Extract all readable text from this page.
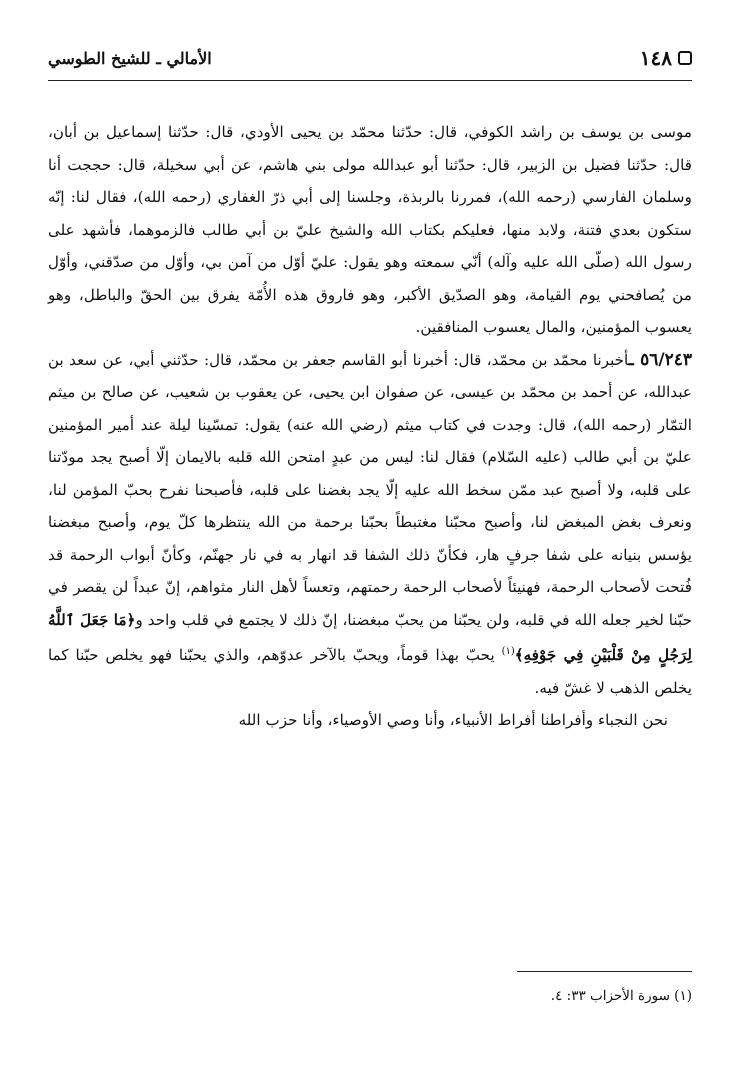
١٤٨
الأمالي ـ للشيخ الطوسي

موسى بن يوسف بن راشد الكوفي، قال: حدّثنا محمّد بن يحيى الأودي، قال: حدّثنا إسماعيل بن أبان، قال: حدّثنا فضيل بن الزبير، قال: حدّثنا أبو عبدالله مولى بني هاشم، عن أبي سخيلة، قال: حججت أنا وسلمان الفارسي (رحمه الله)، فمررنا بالربذة، وجلسنا إلى أبي ذرّ الغفاري (رحمه الله)، فقال لنا: إنّه ستكون بعدي فتنة، ولابد منها، فعليكم بكتاب الله والشيخ عليّ بن أبي طالب فالزموهما، فأشهد على رسول الله (صلّى الله عليه وآله) أنّي سمعته وهو يقول: عليّ أوّل من آمن بي، وأوّل من صدّقني، وأوّل من يُصافحني يوم القيامة، وهو الصدّيق الأكبر، وهو فاروق هذه الأُمّة يفرق بين الحقّ والباطل، وهو يعسوب المؤمنين، والمال يعسوب المنافقين.

٥٦/٢٤٣ ـأخبرنا محمّد بن محمّد، قال: أخبرنا أبو القاسم جعفر بن محمّد، قال: حدّثني أبي، عن سعد بن عبدالله، عن أحمد بن محمّد بن عيسى، عن صفوان ابن يحيى، عن يعقوب بن شعيب، عن صالح بن ميثم التمّار (رحمه الله)، قال: وجدت في كتاب ميثم (رضي الله عنه) يقول: تمسّينا ليلة عند أمير المؤمنين عليّ بن أبي طالب (عليه السّلام) فقال لنا: ليس من عبدٍ امتحن الله قلبه بالايمان إلّا أصبح يجد مودّتنا على قلبه، ولا أصبح عبد ممّن سخط الله عليه إلّا يجد بغضنا على قلبه، فأصبحنا نفرح بحبّ المؤمن لنا، ونعرف بغض المبغض لنا، وأصبح محبّنا مغتبطاً بحبّنا برحمة من الله ينتظرها كلّ يوم، وأصبح مبغضنا يؤسس بنيانه على شفا جرفٍ هار، فكأنّ ذلك الشفا قد انهار به في نار جهنّم، وكأنّ أبواب الرحمة قد فُتحت لأصحاب الرحمة، فهنيئاً لأصحاب الرحمة رحمتهم، وتعساً لأهل النار مثواهم، إنّ عبداً لن يقصر في حبّنا لخير جعله الله في قلبه، ولن يحبّنا من يحبّ مبغضنا، إنّ ذلك لا يجتمع في قلب واحد و﴿مَا جَعَلَ ٱللَّهُ لِرَجُلٍ مِنْ قَلْبَيْنِ فِي جَوْفِهِ﴾$^{(١)}$ يحبّ بهذا قوماً، ويحبّ بالآخر عدوّهم، والذي يحبّنا فهو يخلص حبّنا كما يخلص الذهب لا غشّ فيه.

نحن النجباء وأفراطنا أفراط الأنبياء، وأنا وصي الأوصياء، وأنا حزب الله

(١) سورة الأحزاب ٣٣: ٤.
